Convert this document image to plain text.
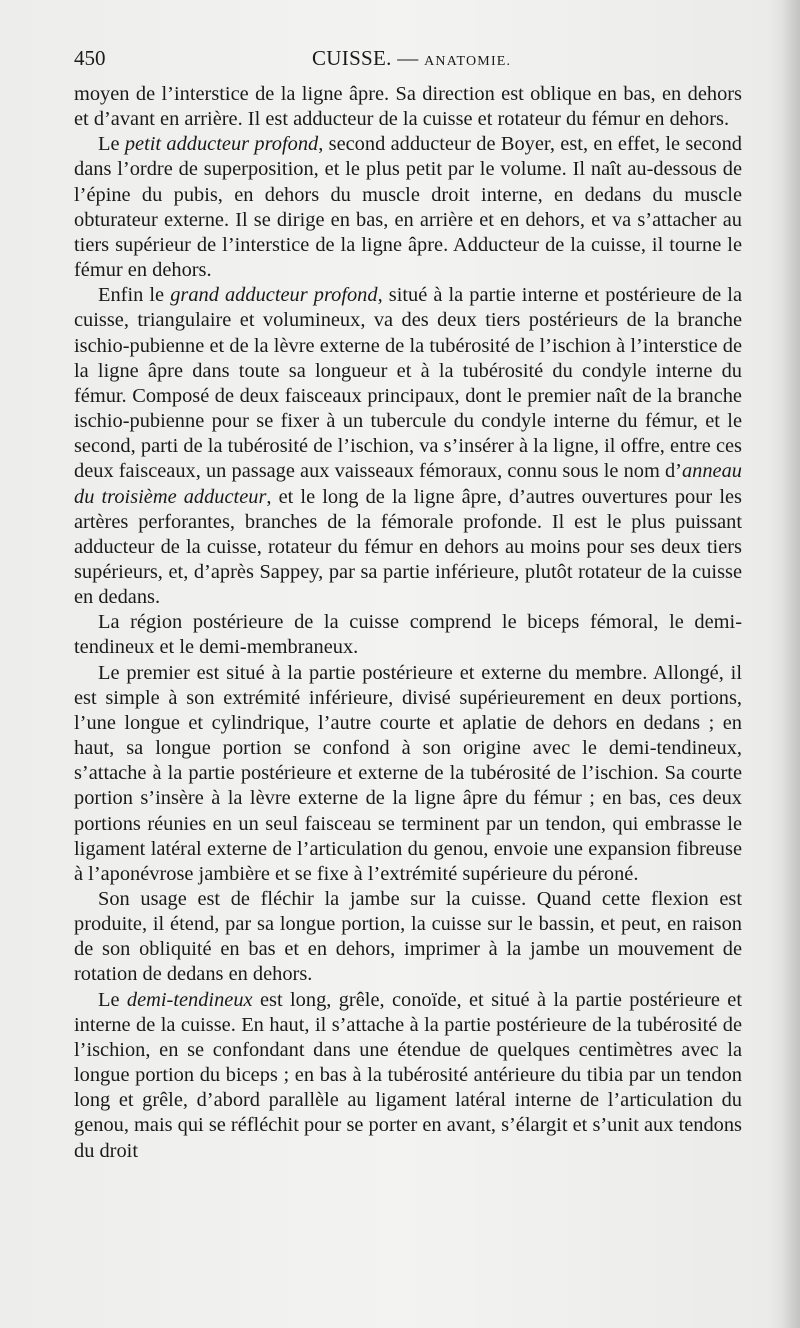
450	CUISSE. — ANATOMIE.

moyen de l’interstice de la ligne âpre. Sa direction est oblique en bas, en dehors et d’avant en arrière. Il est adducteur de la cuisse et rotateur du fémur en dehors.

Le petit adducteur profond, second adducteur de Boyer, est, en effet, le second dans l’ordre de superposition, et le plus petit par le volume. Il naît au-dessous de l’épine du pubis, en dehors du muscle droit interne, en dedans du muscle obturateur externe. Il se dirige en bas, en arrière et en dehors, et va s’attacher au tiers supérieur de l’interstice de la ligne âpre. Adducteur de la cuisse, il tourne le fémur en dehors.

Enfin le grand adducteur profond, situé à la partie interne et postérieure de la cuisse, triangulaire et volumineux, va des deux tiers postérieurs de la branche ischio-pubienne et de la lèvre externe de la tubérosité de l’ischion à l’interstice de la ligne âpre dans toute sa longueur et à la tubérosité du condyle interne du fémur. Composé de deux faisceaux principaux, dont le premier naît de la branche ischio-pubienne pour se fixer à un tubercule du condyle interne du fémur, et le second, parti de la tubérosité de l’ischion, va s’insérer à la ligne, il offre, entre ces deux faisceaux, un passage aux vaisseaux fémoraux, connu sous le nom d’anneau du troisième adducteur, et le long de la ligne âpre, d’autres ouvertures pour les artères perforantes, branches de la fémorale profonde. Il est le plus puissant adducteur de la cuisse, rotateur du fémur en dehors au moins pour ses deux tiers supérieurs, et, d’après Sappey, par sa partie inférieure, plutôt rotateur de la cuisse en dedans.

La région postérieure de la cuisse comprend le biceps fémoral, le demi-tendineux et le demi-membraneux.

Le premier est situé à la partie postérieure et externe du membre. Allongé, il est simple à son extrémité inférieure, divisé supérieurement en deux portions, l’une longue et cylindrique, l’autre courte et aplatie de dehors en dedans ; en haut, sa longue portion se confond à son origine avec le demi-tendineux, s’attache à la partie postérieure et externe de la tubérosité de l’ischion. Sa courte portion s’insère à la lèvre externe de la ligne âpre du fémur ; en bas, ces deux portions réunies en un seul faisceau se terminent par un tendon, qui embrasse le ligament latéral externe de l’articulation du genou, envoie une expansion fibreuse à l’aponévrose jambière et se fixe à l’extrémité supérieure du péroné.

Son usage est de fléchir la jambe sur la cuisse. Quand cette flexion est produite, il étend, par sa longue portion, la cuisse sur le bassin, et peut, en raison de son obliquité en bas et en dehors, imprimer à la jambe un mouvement de rotation de dedans en dehors.

Le demi-tendineux est long, grêle, conoïde, et situé à la partie postérieure et interne de la cuisse. En haut, il s’attache à la partie postérieure de la tubérosité de l’ischion, en se confondant dans une étendue de quelques centimètres avec la longue portion du biceps ; en bas à la tubérosité antérieure du tibia par un tendon long et grêle, d’abord parallèle au ligament latéral interne de l’articulation du genou, mais qui se réfléchit pour se porter en avant, s’élargit et s’unit aux tendons du droit
